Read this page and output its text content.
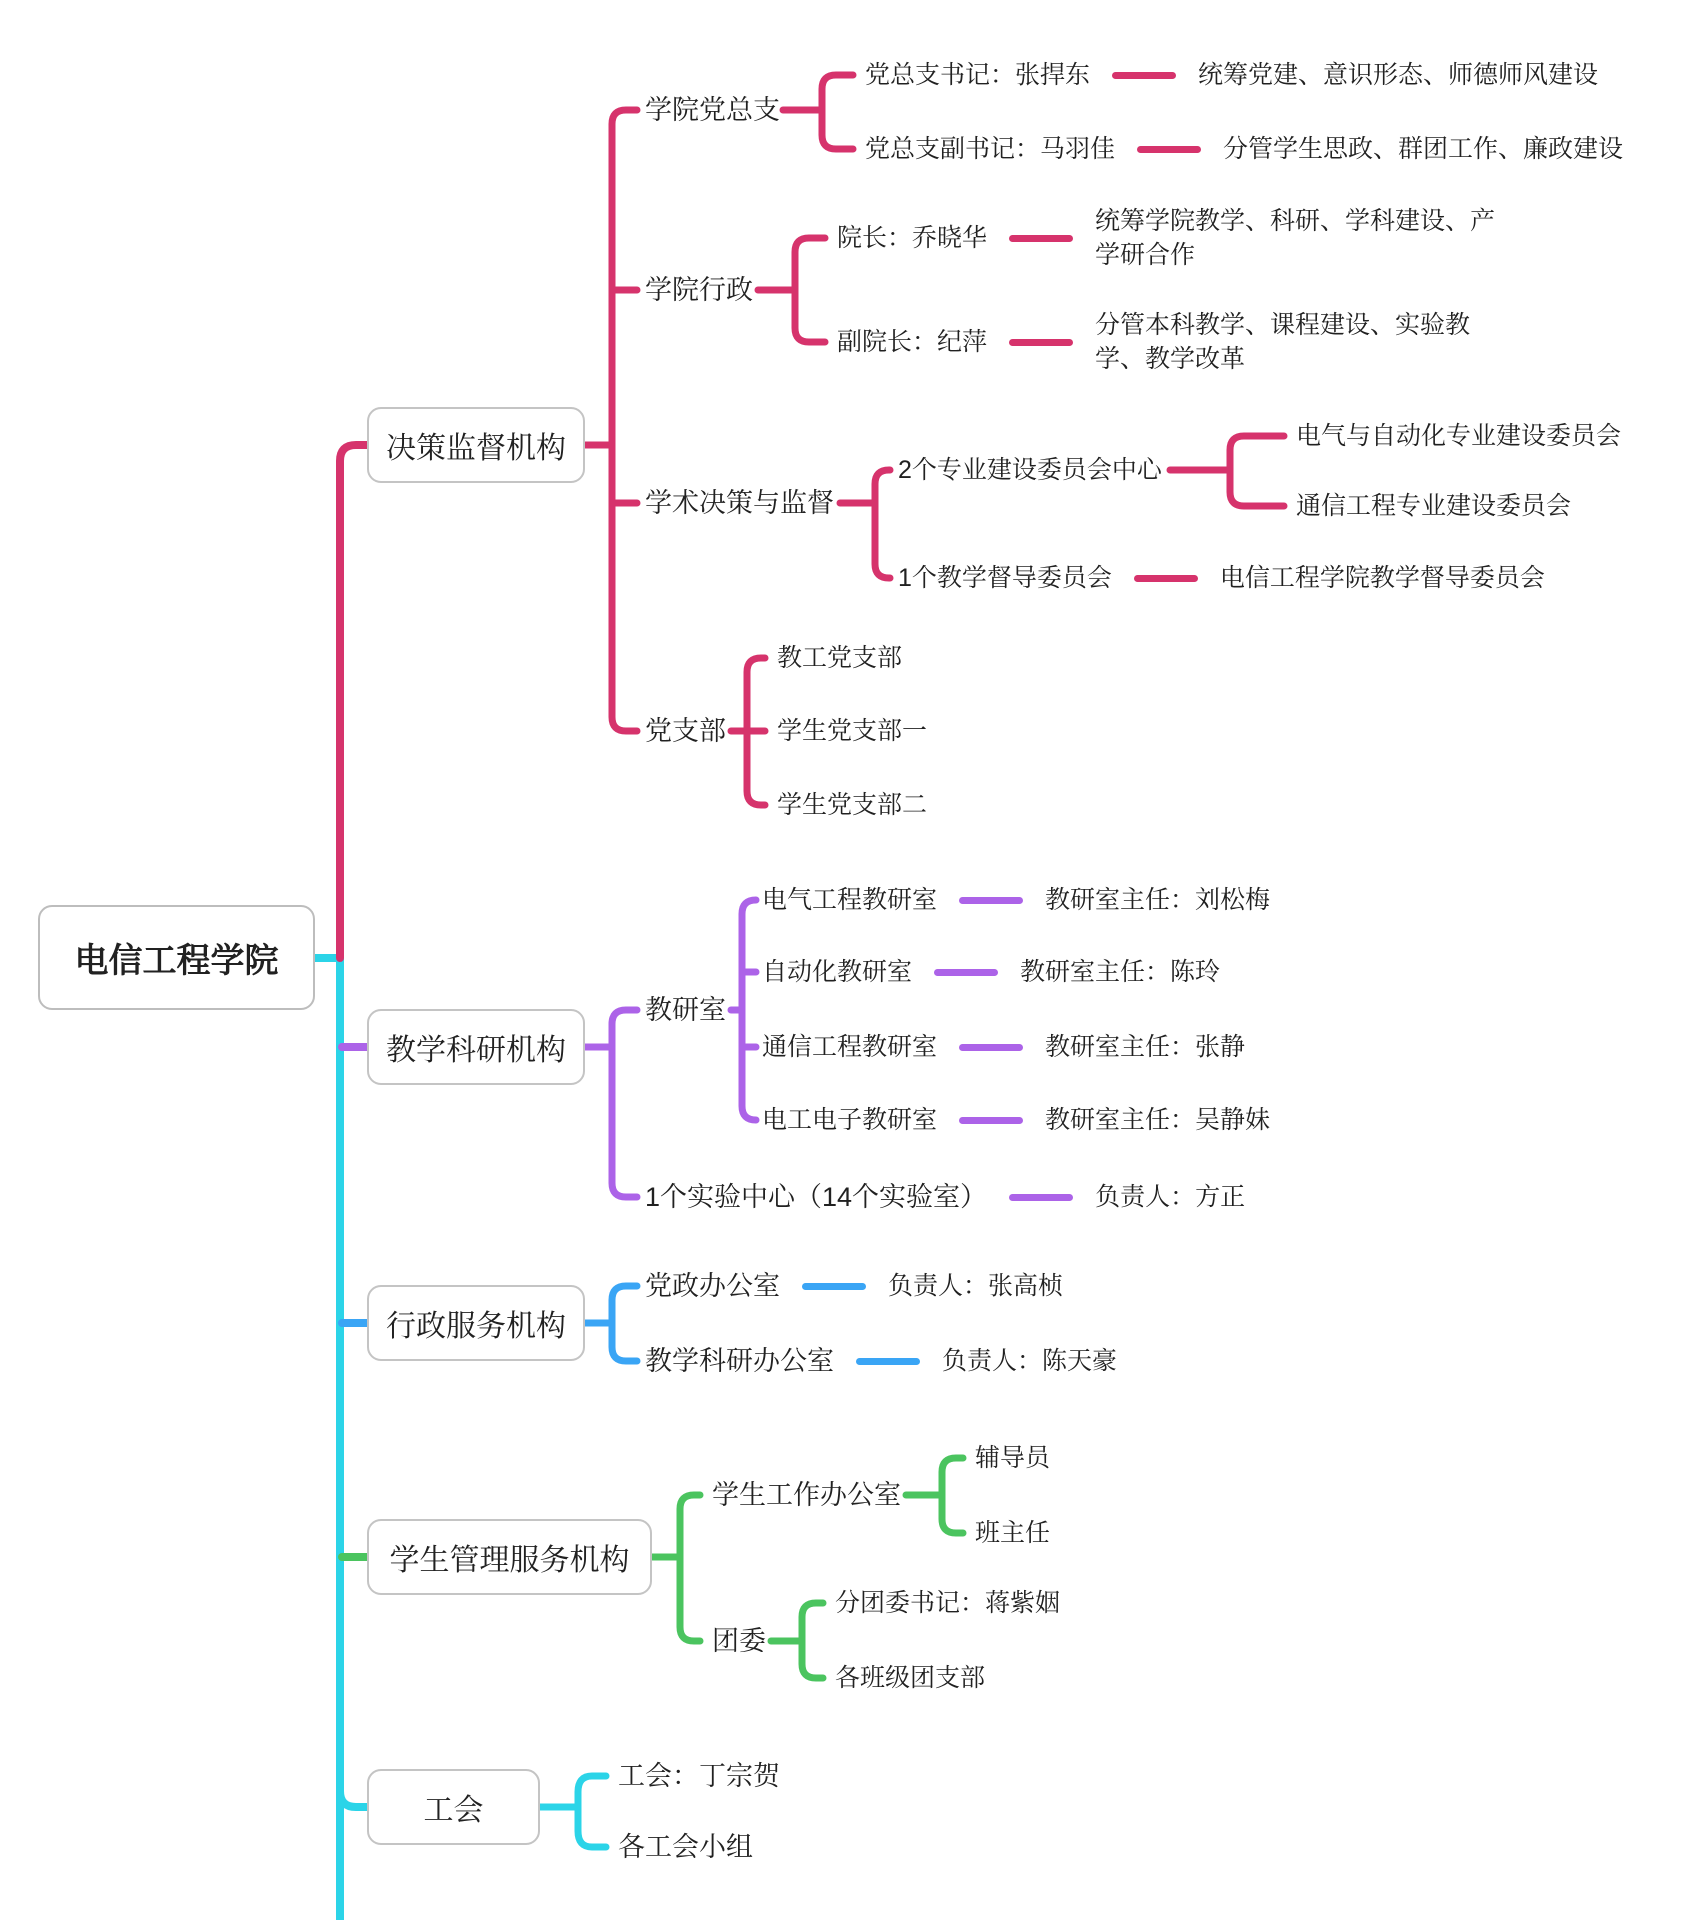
电信工程学院
决策监督机构
教学科研机构
行政服务机构
学生管理服务机构
工会
学院党总支
党总支书记：张捍东	统筹党建、意识形态、师德师风建设
党总支副书记：马羽佳	分管学生思政、群团工作、廉政建设
学院行政
院长：乔晓华
统筹学院教学、科研、学科建设、产学研合作
副院长：纪萍
分管本科教学、课程建设、实验教学、教学改革
学术决策与监督
2个专业建设委员会中心
电气与自动化专业建设委员会
通信工程专业建设委员会
1个教学督导委员会	电信工程学院教学督导委员会
党支部
教工党支部
学生党支部一
学生党支部二
教研室
电气工程教研室	教研室主任：刘松梅
自动化教研室	教研室主任：陈玲
通信工程教研室	教研室主任：张静
电工电子教研室	教研室主任：吴静妹
1个实验中心（14个实验室）	负责人：方正
党政办公室	负责人：张高桢
教学科研办公室	负责人：陈天豪
学生工作办公室
辅导员
班主任
团委
分团委书记：蒋紫姻
各班级团支部
工会：丁宗贺
各工会小组
